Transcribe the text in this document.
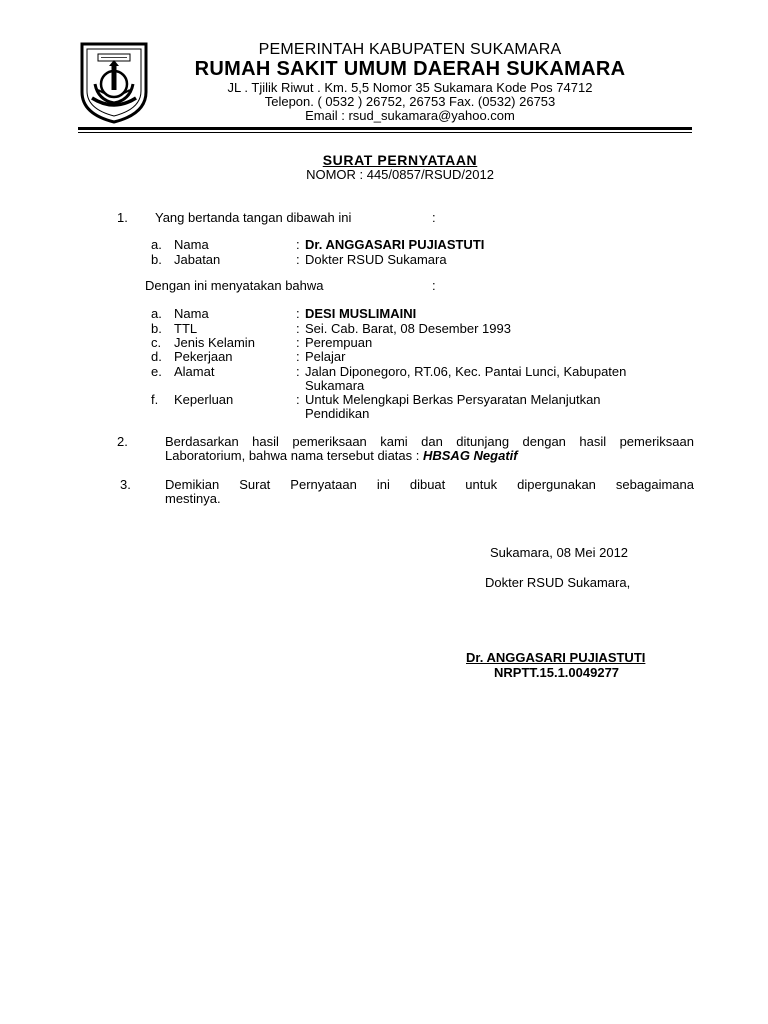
PEMERINTAH KABUPATEN SUKAMARA
RUMAH SAKIT UMUM DAERAH SUKAMARA
JL . Tjilik Riwut . Km. 5,5 Nomor 35 Sukamara Kode Pos 74712
Telepon. ( 0532 ) 26752, 26753 Fax. (0532) 26753
Email : rsud_sukamara@yahoo.com
SURAT PERNYATAAN
NOMOR : 445/0857/RSUD/2012
1. Yang bertanda tangan dibawah ini	:
a. Nama	: Dr. ANGGASARI PUJIASTUTI
b. Jabatan	: Dokter RSUD Sukamara
Dengan ini menyatakan bahwa	:
a. Nama	: DESI MUSLIMAINI
b. TTL	: Sei. Cab. Barat, 08 Desember 1993
c. Jenis Kelamin	: Perempuan
d. Pekerjaan	: Pelajar
e. Alamat	: Jalan Diponegoro, RT.06, Kec. Pantai Lunci, Kabupaten
Sukamara
f. Keperluan	: Untuk Melengkapi Berkas Persyaratan Melanjutkan
Pendidikan
2.	Berdasarkan hasil pemeriksaan kami dan ditunjang dengan hasil pemeriksaan
Laboratorium, bahwa nama tersebut diatas : HBSAG Negatif
3.	Demikian Surat Pernyataan ini dibuat untuk dipergunakan sebagaimana
mestinya.
Sukamara, 08 Mei 2012
Dokter RSUD Sukamara,
Dr. ANGGASARI PUJIASTUTI
NRPTT.15.1.0049277
